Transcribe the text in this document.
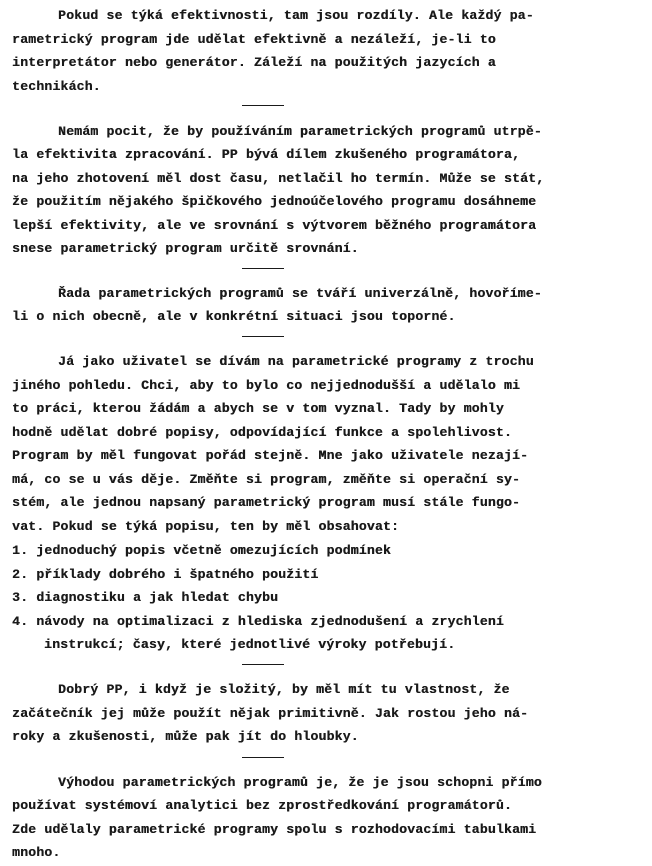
Pokud se týká efektivnosti, tam jsou rozdíly. Ale každý pa-
rametrický program jde udělat efektivně a nezáleží, je-li to
interpretátor nebo generátor. Záleží na použitých jazycích a
technikách.
Nemám pocit, že by používáním parametrických programů utrpě-
la efektivita zpracování. PP bývá dílem zkušeného programátora,
na jeho zhotovení měl dost času, netlačil ho termín. Může se stát,
že použitím nějakého špičkového jednoúčelového programu dosáhneme
lepší efektivity, ale ve srovnání s výtvorem běžného programátora
snese parametrický program určitě srovnání.
Řada parametrických programů se tváří univerzálně, hovoříme-
li o nich obecně, ale v konkrétní situaci jsou toporné.
Já jako uživatel se dívám na parametrické programy z trochu
jiného pohledu. Chci, aby to bylo co nejjednodušší a udělalo mi
to práci, kterou žádám a abych se v tom vyznal. Tady by mohly
hodně udělat dobré popisy, odpovídající funkce a spolehlivost.
Program by měl fungovat pořád stejně. Mne jako uživatele nezají-
má, co se u vás děje. Změňte si program, změňte si operační sy-
stém, ale jednou napsaný parametrický program musí stále fungo-
vat. Pokud se týká popisu, ten by měl obsahovat:
1. jednoduchý popis včetně omezujících podmínek
2. příklady dobrého i špatného použití
3. diagnostiku a jak hledat chybu
4. návody na optimalizaci z hlediska zjednodušení a zrychlení
instrukcí; časy, které jednotlivé výroky potřebují.
Dobrý PP, i když je složitý, by měl mít tu vlastnost, že
začátečník jej může použít nějak primitivně. Jak rostou jeho ná-
roky a zkušenosti, může pak jít do hloubky.
Výhodou parametrických programů je, že je jsou schopni přímo
používat systémoví analytici bez zprostředkování programátorů.
Zde udělaly parametrické programy spolu s rozhodovacími tabulkami
mnoho.
